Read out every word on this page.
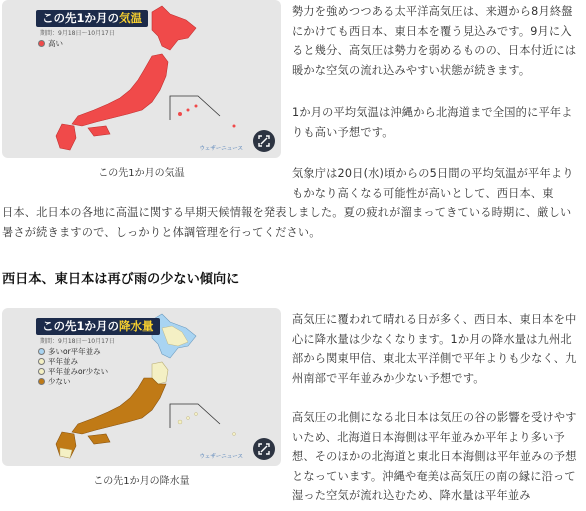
この先1か月の気温
期間：9月18日～10月17日
高い
ウェザーニュース
この先1か月の気温

勢力を強めつつある太平洋高気圧は、来週から8月終盤にかけても西日本、東日本を覆う見込みです。9月に入ると幾分、高気圧は勢力を弱めるものの、日本付近には暖かな空気の流れ込みやすい状態が続きます。

1か月の平均気温は沖縄から北海道まで全国的に平年よりも高い予想です。

気象庁は20日(水)頃からの5日間の平均気温が平年よりもかなり高くなる可能性が高いとして、西日本、東

日本、北日本の各地に高温に関する早期天候情報を発表しました。夏の疲れが溜まってきている時期に、厳しい暑さが続きますので、しっかりと体調管理を行ってください。

西日本、東日本は再び雨の少ない傾向に
この先1か月の降水量
期間：9月18日～10月17日
多いor平年並み
平年並み
平年並みor少ない
少ない
ウェザーニュース
この先1か月の降水量

高気圧に覆われて晴れる日が多く、西日本、東日本を中心に降水量は少なくなります。1か月の降水量は九州北部から関東甲信、東北太平洋側で平年よりも少なく、九州南部で平年並みか少ない予想です。

高気圧の北側になる北日本は気圧の谷の影響を受けやすいため、北海道日本海側は平年並みか平年より多い予想、そのほかの北海道と東北日本海側は平年並みの予想となっています。沖縄や奄美は高気圧の南の縁に沿って湿った空気が流れ込むため、降水量は平年並み
